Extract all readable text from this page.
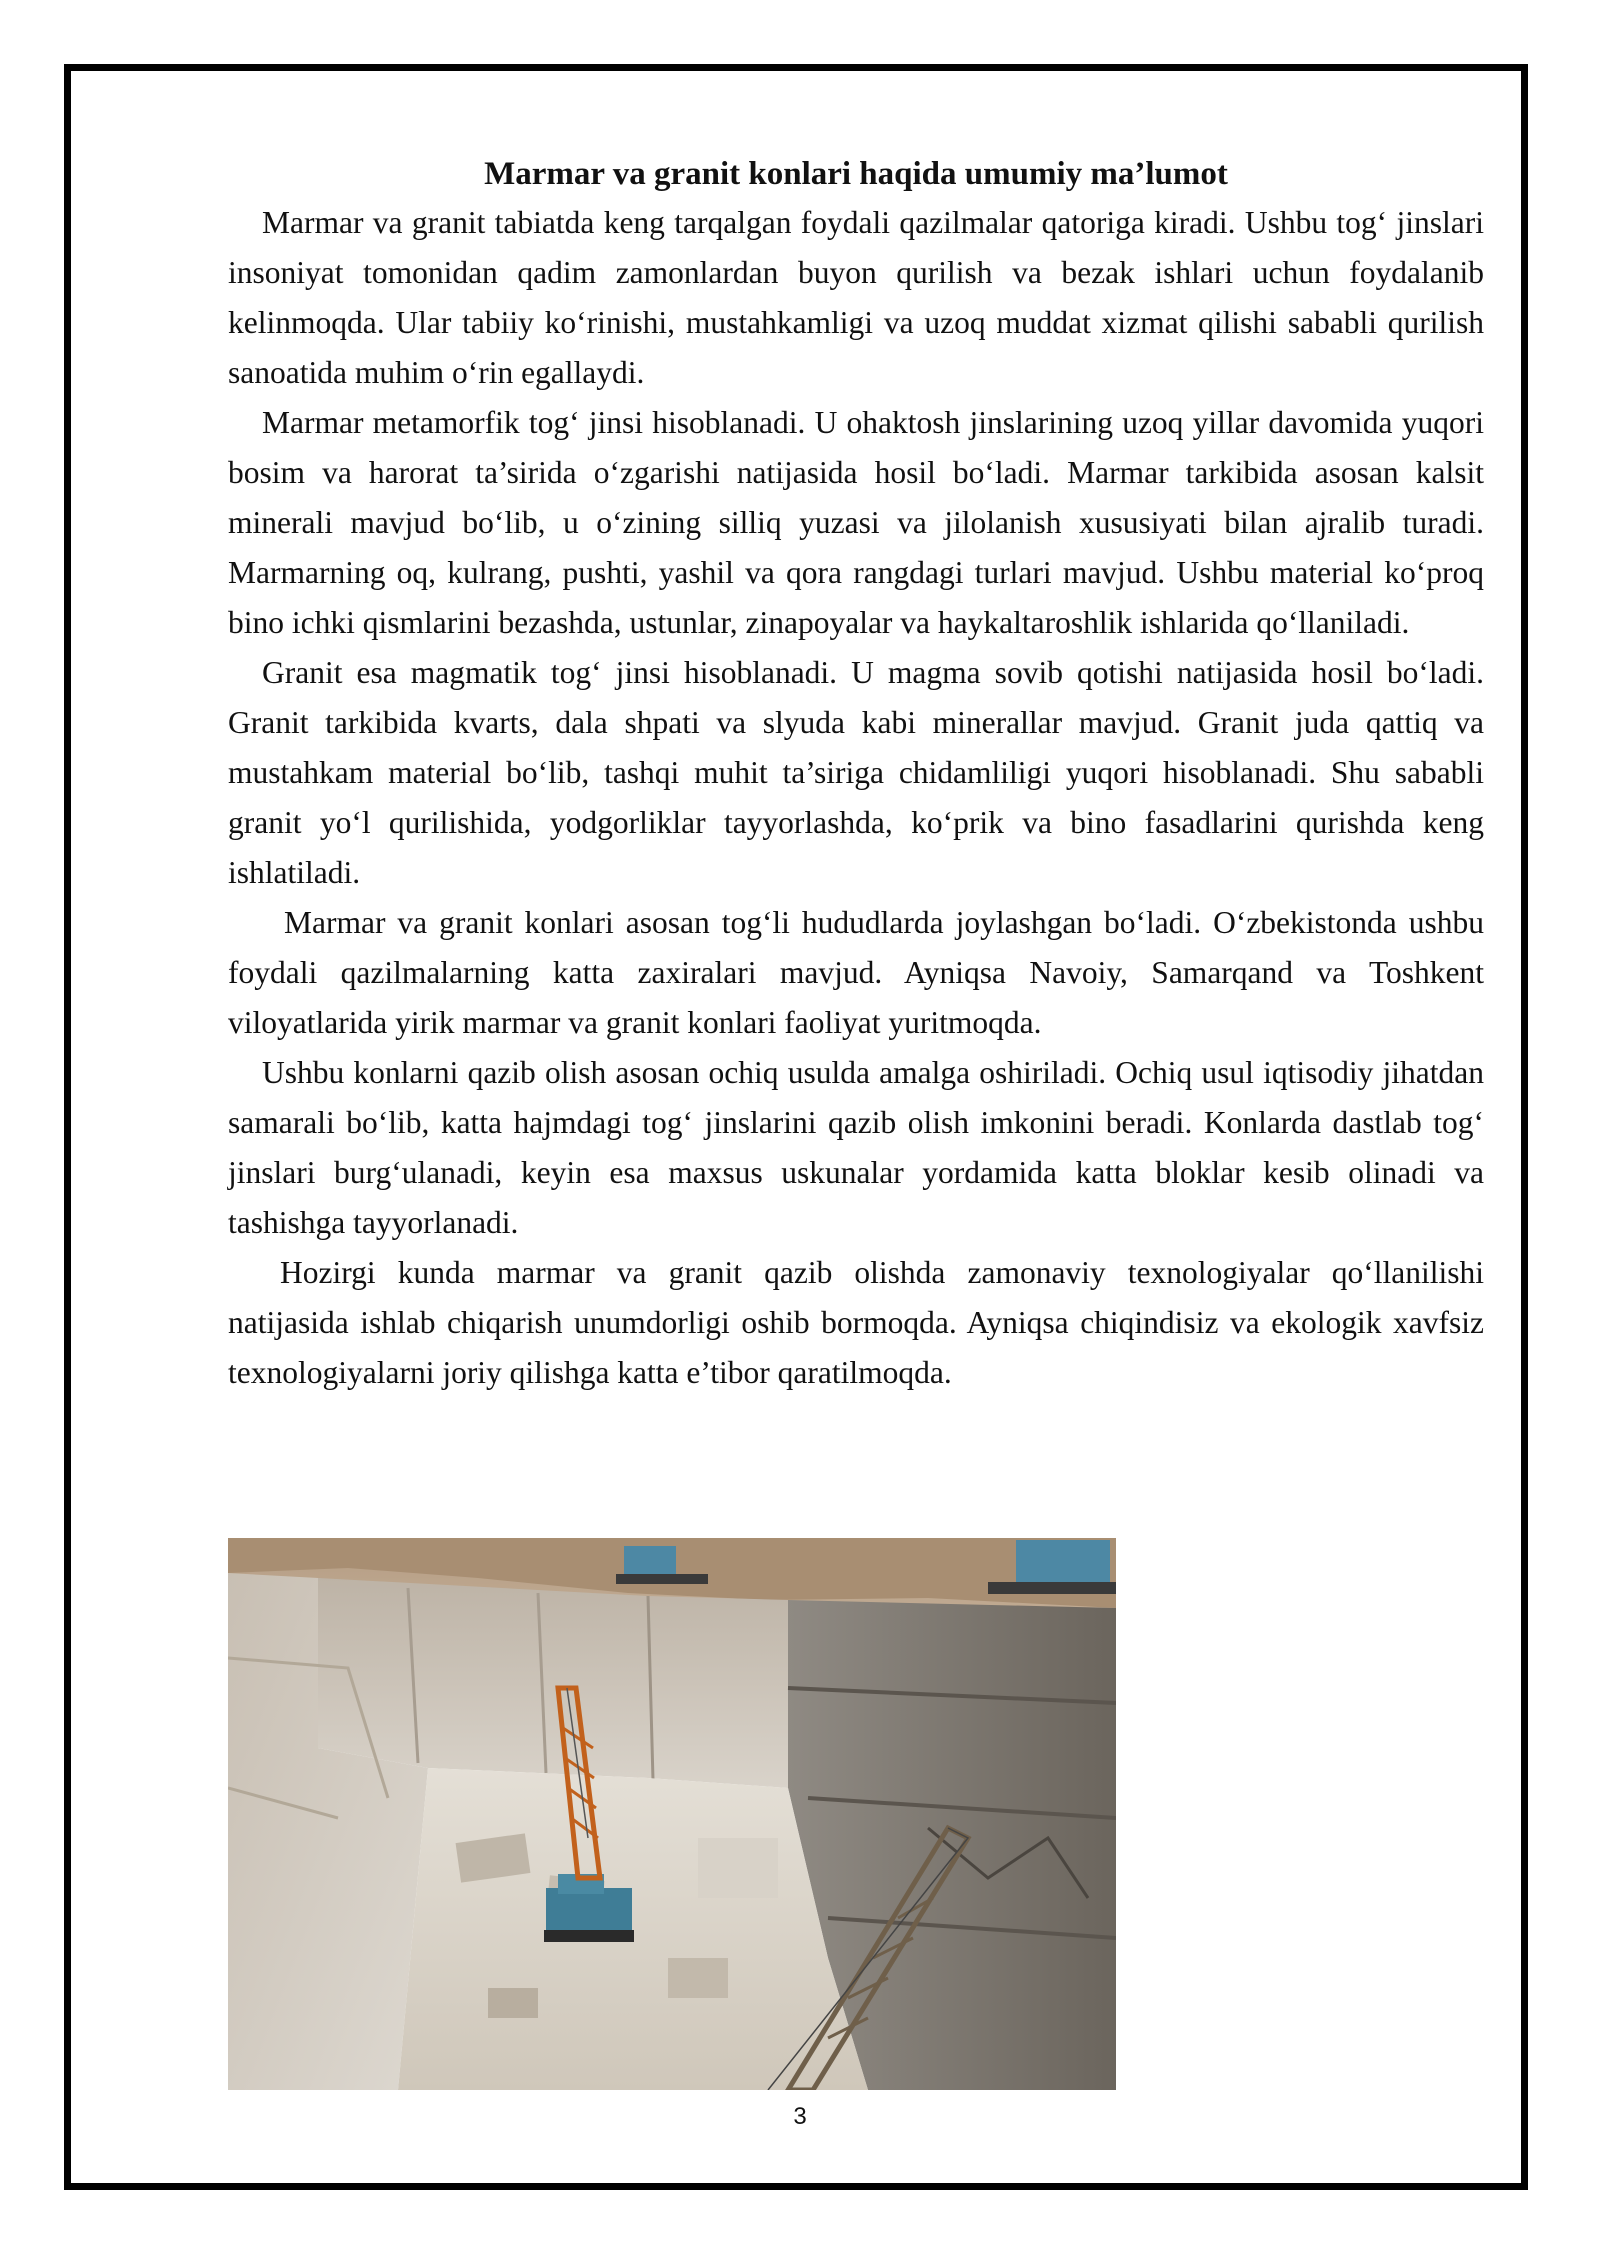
Marmar va granit konlari haqida umumiy ma’lumot

Marmar va granit tabiatda keng tarqalgan foydali qazilmalar qatoriga kiradi. Ushbu tog‘ jinslari insoniyat tomonidan qadim zamonlardan buyon qurilish va bezak ishlari uchun foydalanib kelinmoqda. Ular tabiiy ko‘rinishi, mustahkamligi va uzoq muddat xizmat qilishi sababli qurilish sanoatida muhim o‘rin egallaydi.

Marmar metamorfik tog‘ jinsi hisoblanadi. U ohaktosh jinslarining uzoq yillar davomida yuqori bosim va harorat ta’sirida o‘zgarishi natijasida hosil bo‘ladi. Marmar tarkibida asosan kalsit minerali mavjud bo‘lib, u o‘zining silliq yuzasi va jilolanish xususiyati bilan ajralib turadi. Marmarning oq, kulrang, pushti, yashil va qora rangdagi turlari mavjud. Ushbu material ko‘proq bino ichki qismlarini bezashda, ustunlar, zinapoyalar va haykaltaroshlik ishlarida qo‘llaniladi.

Granit esa magmatik tog‘ jinsi hisoblanadi. U magma sovib qotishi natijasida hosil bo‘ladi. Granit tarkibida kvarts, dala shpati va slyuda kabi minerallar mavjud. Granit juda qattiq va mustahkam material bo‘lib, tashqi muhit ta’siriga chidamliligi yuqori hisoblanadi. Shu sababli granit yo‘l qurilishida, yodgorliklar tayyorlashda, ko‘prik va bino fasadlarini qurishda keng ishlatiladi.

Marmar va granit konlari asosan tog‘li hududlarda joylashgan bo‘ladi. O‘zbekistonda ushbu foydali qazilmalarning katta zaxiralari mavjud. Ayniqsa Navoiy, Samarqand va Toshkent viloyatlarida yirik marmar va granit konlari faoliyat yuritmoqda.

Ushbu konlarni qazib olish asosan ochiq usulda amalga oshiriladi. Ochiq usul iqtisodiy jihatdan samarali bo‘lib, katta hajmdagi tog‘ jinslarini qazib olish imkonini beradi. Konlarda dastlab tog‘ jinslari burg‘ulanadi, keyin esa maxsus uskunalar yordamida katta bloklar kesib olinadi va tashishga tayyorlanadi.

Hozirgi kunda marmar va granit qazib olishda zamonaviy texnologiyalar qo‘llanilishi natijasida ishlab chiqarish unumdorligi oshib bormoqda. Ayniqsa chiqindisiz va ekologik xavfsiz texnologiyalarni joriy qilishga katta e’tibor qaratilmoqda.

3
